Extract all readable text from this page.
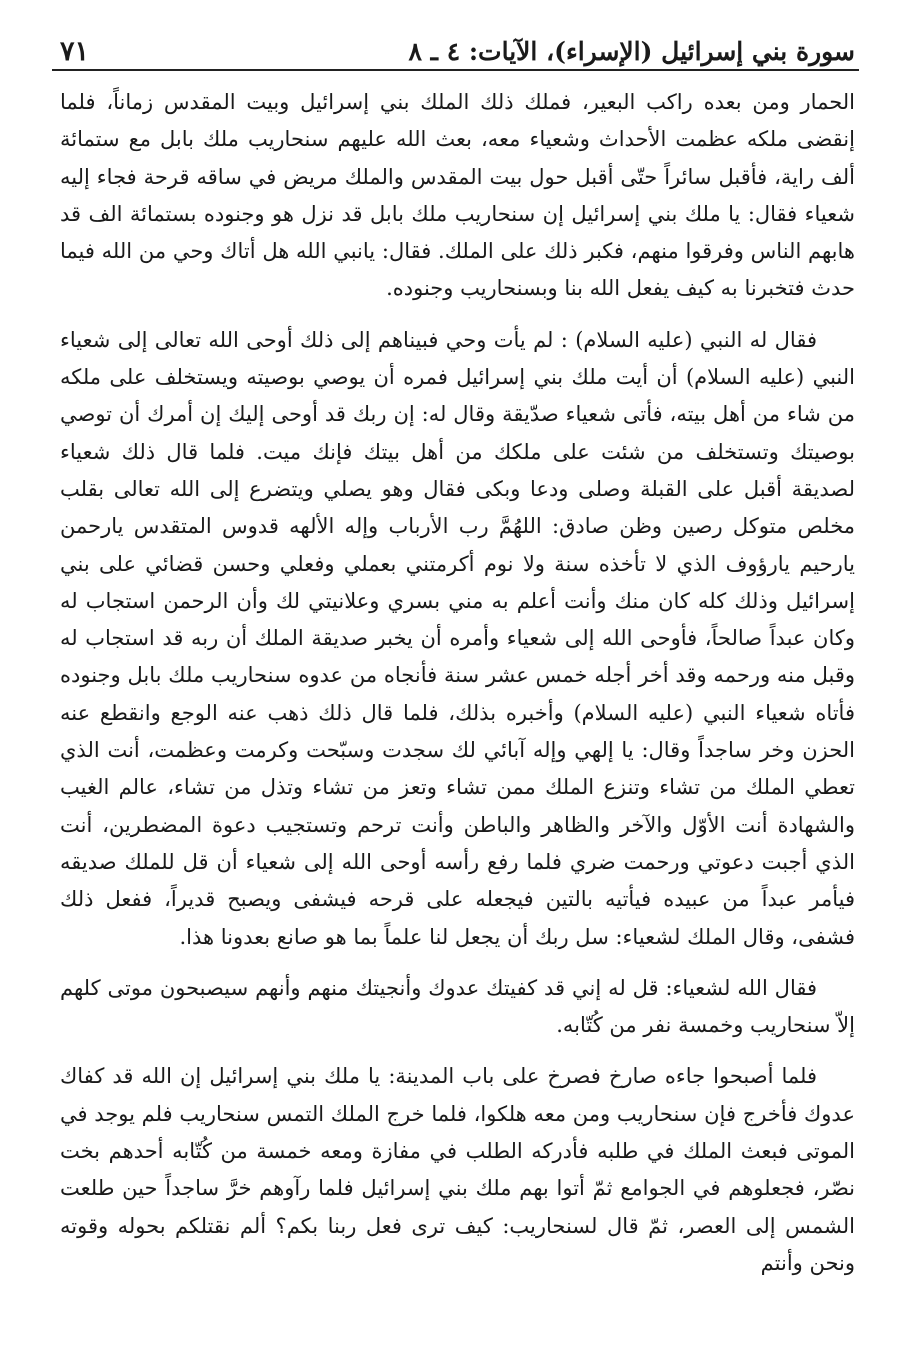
سورة بني إسرائيل (الإسراء)، الآيات: ٤ ـ ٨
٧١

الحمار ومن بعده راكب البعير، فملك ذلك الملك بني إسرائيل وبيت المقدس زماناً، فلما إنقضى ملكه عظمت الأحداث وشعياء معه، بعث الله عليهم سنحاريب ملك بابل مع ستمائة ألف راية، فأقبل سائراً حتّى أقبل حول بيت المقدس والملك مريض في ساقه قرحة فجاء إليه شعياء فقال: يا ملك بني إسرائيل إن سنحاريب ملك بابل قد نزل هو وجنوده بستمائة الف قد هابهم الناس وفرقوا منهم، فكبر ذلك على الملك. فقال: يانبي الله هل أتاك وحي من الله فيما حدث فتخبرنا به كيف يفعل الله بنا وبسنحاريب وجنوده.

فقال له النبي (عليه السلام) : لم يأت وحي فبيناهم إلى ذلك أوحى الله تعالى إلى شعياء النبي (عليه السلام) أن أيت ملك بني إسرائيل فمره أن يوصي بوصيته ويستخلف على ملكه من شاء من أهل بيته، فأتى شعياء صدّيقة وقال له: إن ربك قد أوحى إليك إن أمرك أن توصي بوصيتك وتستخلف من شئت على ملكك من أهل بيتك فإنك ميت. فلما قال ذلك شعياء لصديقة أقبل على القبلة وصلى ودعا وبكى فقال وهو يصلي ويتضرع إلى الله تعالى بقلب مخلص متوكل رصين وظن صادق: اللهُمَّ رب الأرباب وإله الألهه قدوس المتقدس يارحمن يارحيم يارؤوف الذي لا تأخذه سنة ولا نوم أكرمتني بعملي وفعلي وحسن قضائي على بني إسرائيل وذلك كله كان منك وأنت أعلم به مني بسري وعلانيتي لك وأن الرحمن استجاب له وكان عبداً صالحاً، فأوحى الله إلى شعياء وأمره أن يخبر صديقة الملك أن ربه قد استجاب له وقبل منه ورحمه وقد أخر أجله خمس عشر سنة فأنجاه من عدوه سنحاريب ملك بابل وجنوده فأتاه شعياء النبي (عليه السلام) وأخبره بذلك، فلما قال ذلك ذهب عنه الوجع وانقطع عنه الحزن وخر ساجداً وقال: يا إلهي وإله آبائي لك سجدت وسبّحت وكرمت وعظمت، أنت الذي تعطي الملك من تشاء وتنزع الملك ممن تشاء وتعز من تشاء وتذل من تشاء، عالم الغيب والشهادة أنت الأوّل والآخر والظاهر والباطن وأنت ترحم وتستجيب دعوة المضطرين، أنت الذي أجبت دعوتي ورحمت ضري فلما رفع رأسه أوحى الله إلى شعياء أن قل للملك صديقه فيأمر عبداً من عبيده فيأتيه بالتين فيجعله على قرحه فيشفى ويصبح قديراً، ففعل ذلك فشفى، وقال الملك لشعياء: سل ربك أن يجعل لنا علماً بما هو صانع بعدونا هذا.

فقال الله لشعياء: قل له إني قد كفيتك عدوك وأنجيتك منهم وأنهم سيصبحون موتى كلهم إلاّ سنحاريب وخمسة نفر من كُتّابه.

فلما أصبحوا جاءه صارخ فصرخ على باب المدينة: يا ملك بني إسرائيل إن الله قد كفاك عدوك فأخرج فإن سنحاريب ومن معه هلكوا، فلما خرج الملك التمس سنحاريب فلم يوجد في الموتى فبعث الملك في طلبه فأدركه الطلب في مفازة ومعه خمسة من كُتّابه أحدهم بخت نصّر، فجعلوهم في الجوامع ثمّ أتوا بهم ملك بني إسرائيل فلما رآوهم خرَّ ساجداً حين طلعت الشمس إلى العصر، ثمّ قال لسنحاريب: كيف ترى فعل ربنا بكم؟ ألم نقتلكم بحوله وقوته ونحن وأنتم
